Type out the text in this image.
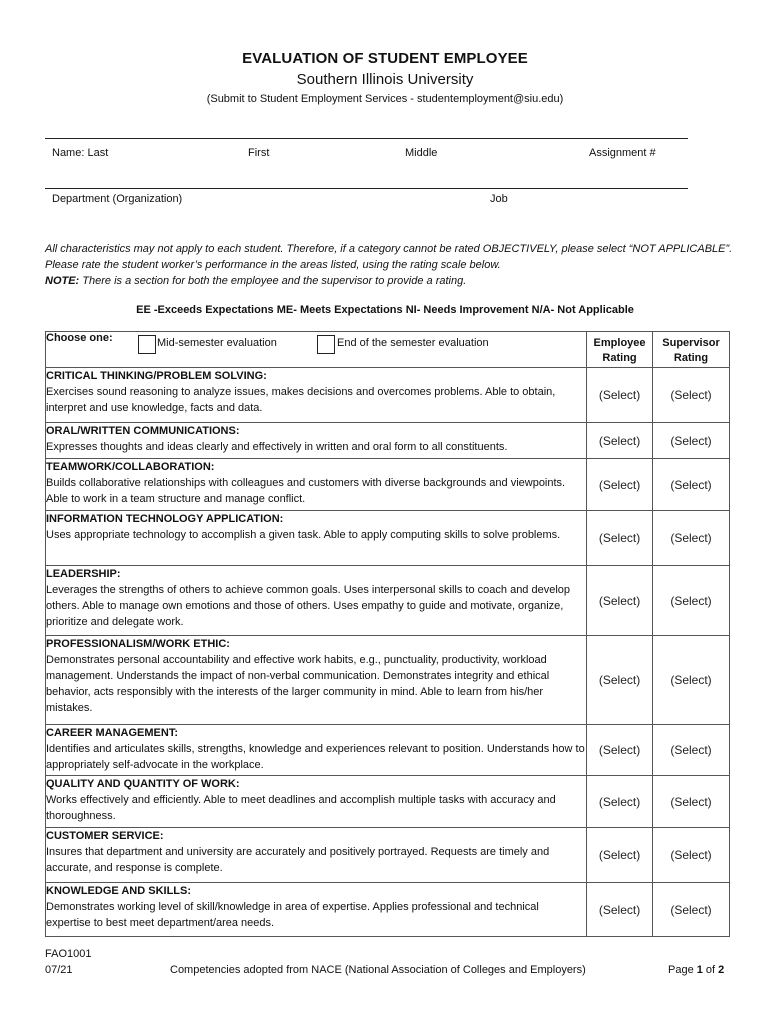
EVALUATION OF STUDENT EMPLOYEE
Southern Illinois University
(Submit to Student Employment Services - studentemployment@siu.edu)
Name: Last	First	Middle	Assignment #
Department (Organization)	Job
All characteristics may not apply to each student. Therefore, if a category cannot be rated OBJECTIVELY, please select “NOT APPLICABLE”. Please rate the student worker’s performance in the areas listed, using the rating scale below.
NOTE: There is a section for both the employee and the supervisor to provide a rating.
EE -Exceeds Expectations ME- Meets Expectations NI- Needs Improvement N/A- Not Applicable
Choose one: Mid-semester evaluation End of the semester evaluation	Employee Rating	Supervisor Rating

CRITICAL THINKING/PROBLEM SOLVING:
Exercises sound reasoning to analyze issues, makes decisions and overcomes problems. Able to obtain, interpret and use knowledge, facts and data.	(Select)	(Select)

ORAL/WRITTEN COMMUNICATIONS:
Expresses thoughts and ideas clearly and effectively in written and oral form to all constituents.	(Select)	(Select)

TEAMWORK/COLLABORATION:
Builds collaborative relationships with colleagues and customers with diverse backgrounds and viewpoints. Able to work in a team structure and manage conflict.	(Select)	(Select)

INFORMATION TECHNOLOGY APPLICATION:
Uses appropriate technology to accomplish a given task. Able to apply computing skills to solve problems.	(Select)	(Select)

LEADERSHIP:
Leverages the strengths of others to achieve common goals. Uses interpersonal skills to coach and develop others. Able to manage own emotions and those of others. Uses empathy to guide and motivate, organize, prioritize and delegate work.	(Select)	(Select)

PROFESSIONALISM/WORK ETHIC:
Demonstrates personal accountability and effective work habits, e.g., punctuality, productivity, workload management. Understands the impact of non-verbal communication. Demonstrates integrity and ethical behavior, acts responsibly with the interests of the larger community in mind. Able to learn from his/her mistakes.	(Select)	(Select)

CAREER MANAGEMENT:
Identifies and articulates skills, strengths, knowledge and experiences relevant to position. Understands how to appropriately self-advocate in the workplace.	(Select)	(Select)

QUALITY AND QUANTITY OF WORK:
Works effectively and efficiently. Able to meet deadlines and accomplish multiple tasks with accuracy and thoroughness.	(Select)	(Select)

CUSTOMER SERVICE:
Insures that department and university are accurately and positively portrayed. Requests are timely and accurate, and response is complete.	(Select)	(Select)

KNOWLEDGE AND SKILLS:
Demonstrates working level of skill/knowledge in area of expertise. Applies professional and technical expertise to best meet department/area needs.	(Select)	(Select)
FAO1001
07/21	Competencies adopted from NACE (National Association of Colleges and Employers)	Page 1 of 2
